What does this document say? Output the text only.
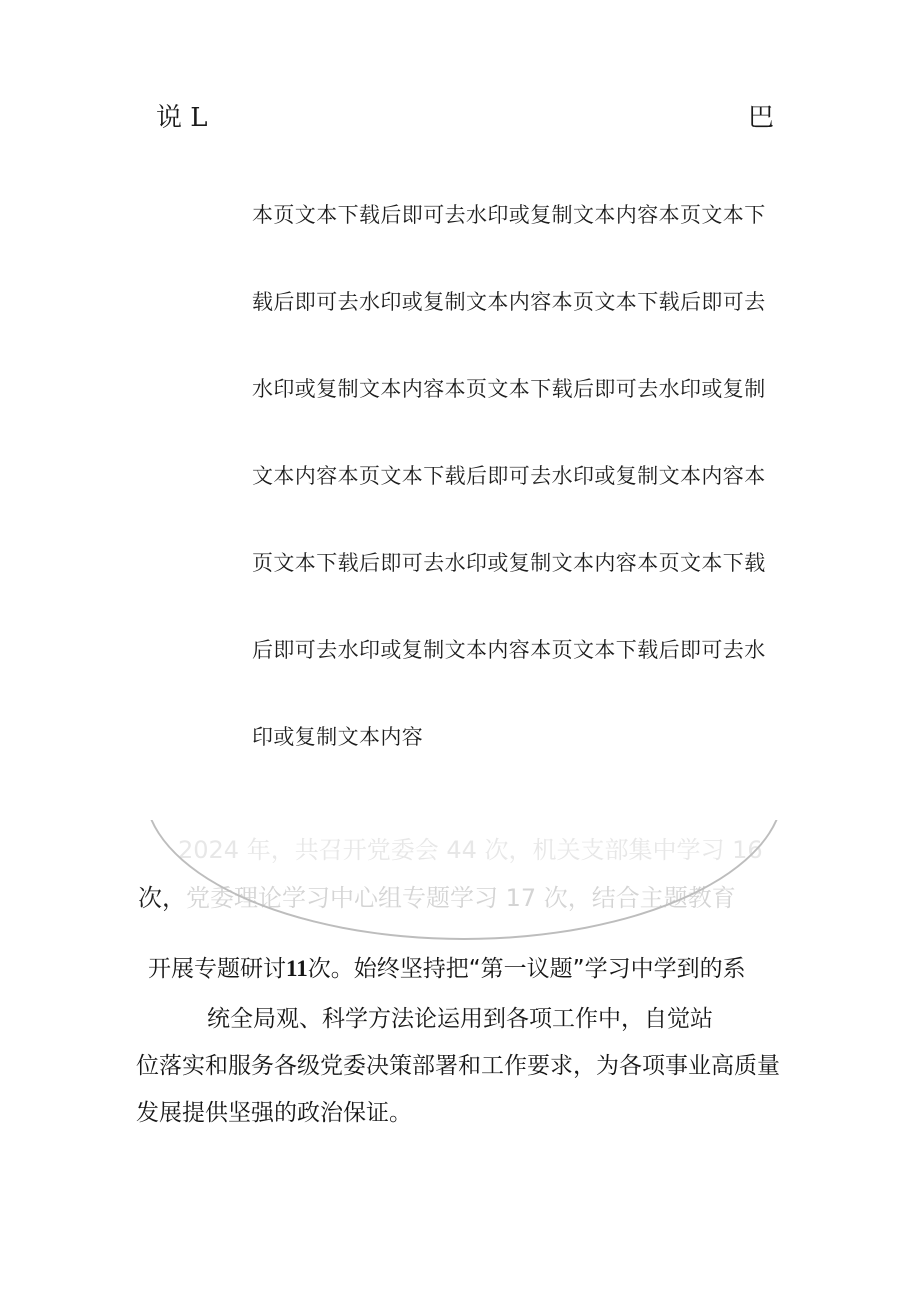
说 L	巴
本页文本下载后即可去水印或复制文本内容本页文本下
载后即可去水印或复制文本内容本页文本下载后即可去
水印或复制文本内容本页文本下载后即可去水印或复制
文本内容本页文本下载后即可去水印或复制文本内容本
页文本下载后即可去水印或复制文本内容本页文本下载
后即可去水印或复制文本内容本页文本下载后即可去水
印或复制文本内容
2024 年，共召开党委会 44 次，机关支部集中学习 16
次，党委理论学习中心组专题学习 17 次，结合主题教育
开展专题研讨11次。始终坚持把“第一议题”学习中学到的系
统全局观、科学方法论运用到各项工作中，自觉站
位落实和服务各级党委决策部署和工作要求，为各项事业高质量
发展提供坚强的政治保证。
